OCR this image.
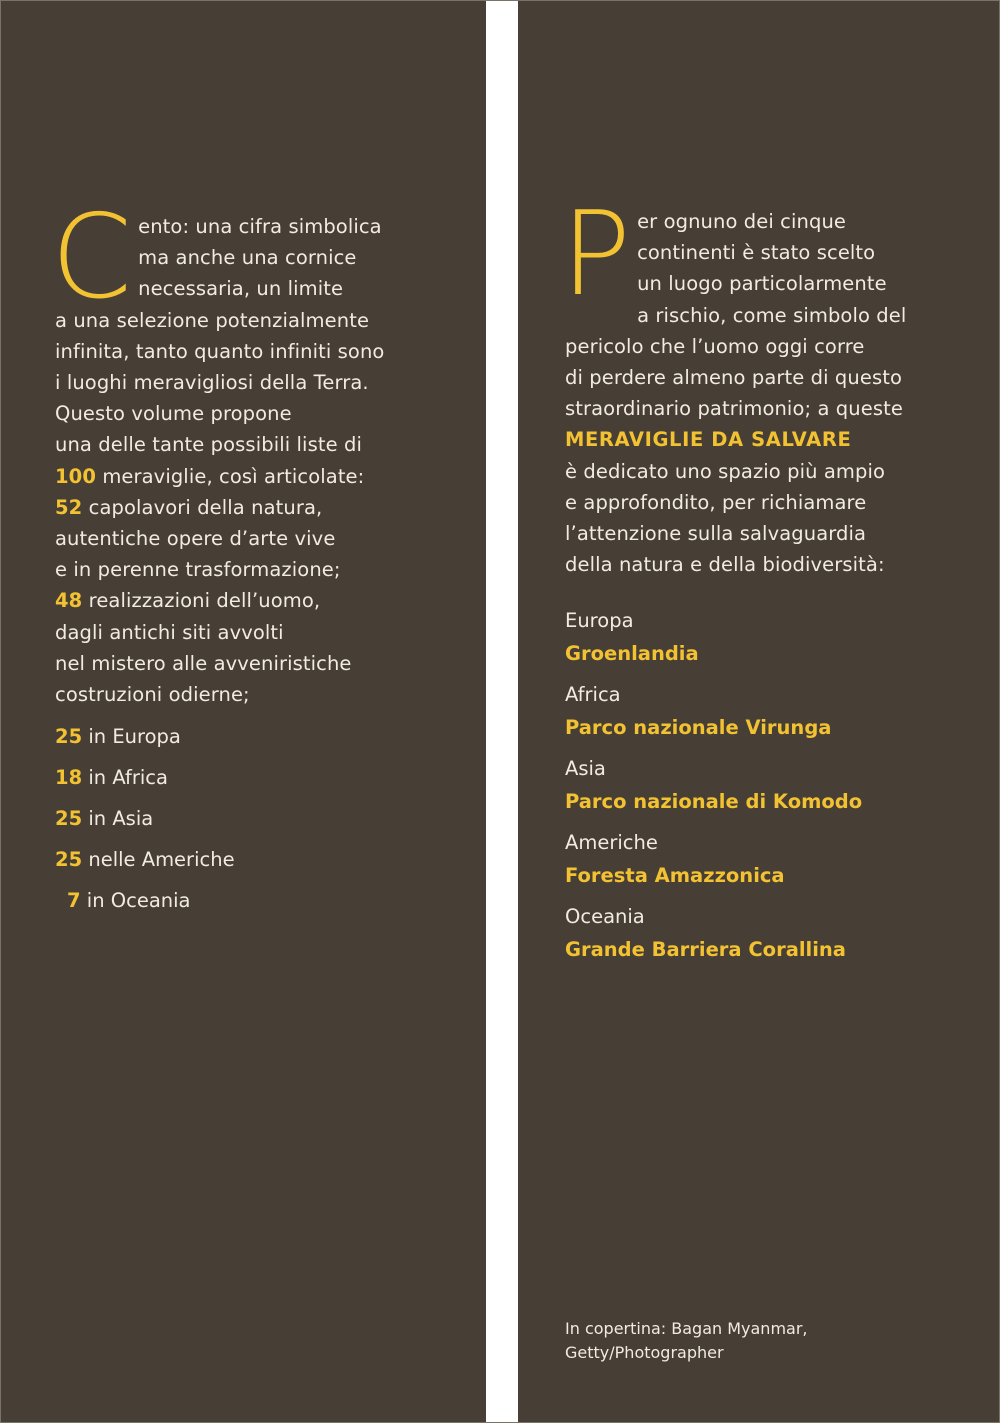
C ento: una cifra simbolica
ma anche una cornice
necessaria, un limite
a una selezione potenzialmente
infinita, tanto quanto infiniti sono
i luoghi meravigliosi della Terra.
Questo volume propone
una delle tante possibili liste di
100 meraviglie, così articolate:
52 capolavori della natura,
autentiche opere d’arte vive
e in perenne trasformazione;
48 realizzazioni dell’uomo,
dagli antichi siti avvolti
nel mistero alle avveniristiche
costruzioni odierne;
25 in Europa
18 in Africa
25 in Asia
25 nelle Americhe
7 in Oceania
P er ognuno dei cinque
continenti è stato scelto
un luogo particolarmente
a rischio, come simbolo del
pericolo che l’uomo oggi corre
di perdere almeno parte di questo
straordinario patrimonio; a queste
MERAVIGLIE DA SALVARE
è dedicato uno spazio più ampio
e approfondito, per richiamare
l’attenzione sulla salvaguardia
della natura e della biodiversità:
Europa
Groenlandia
Africa
Parco nazionale Virunga
Asia
Parco nazionale di Komodo
Americhe
Foresta Amazzonica
Oceania
Grande Barriera Corallina
In copertina: Bagan Myanmar,
Getty/Photographer
